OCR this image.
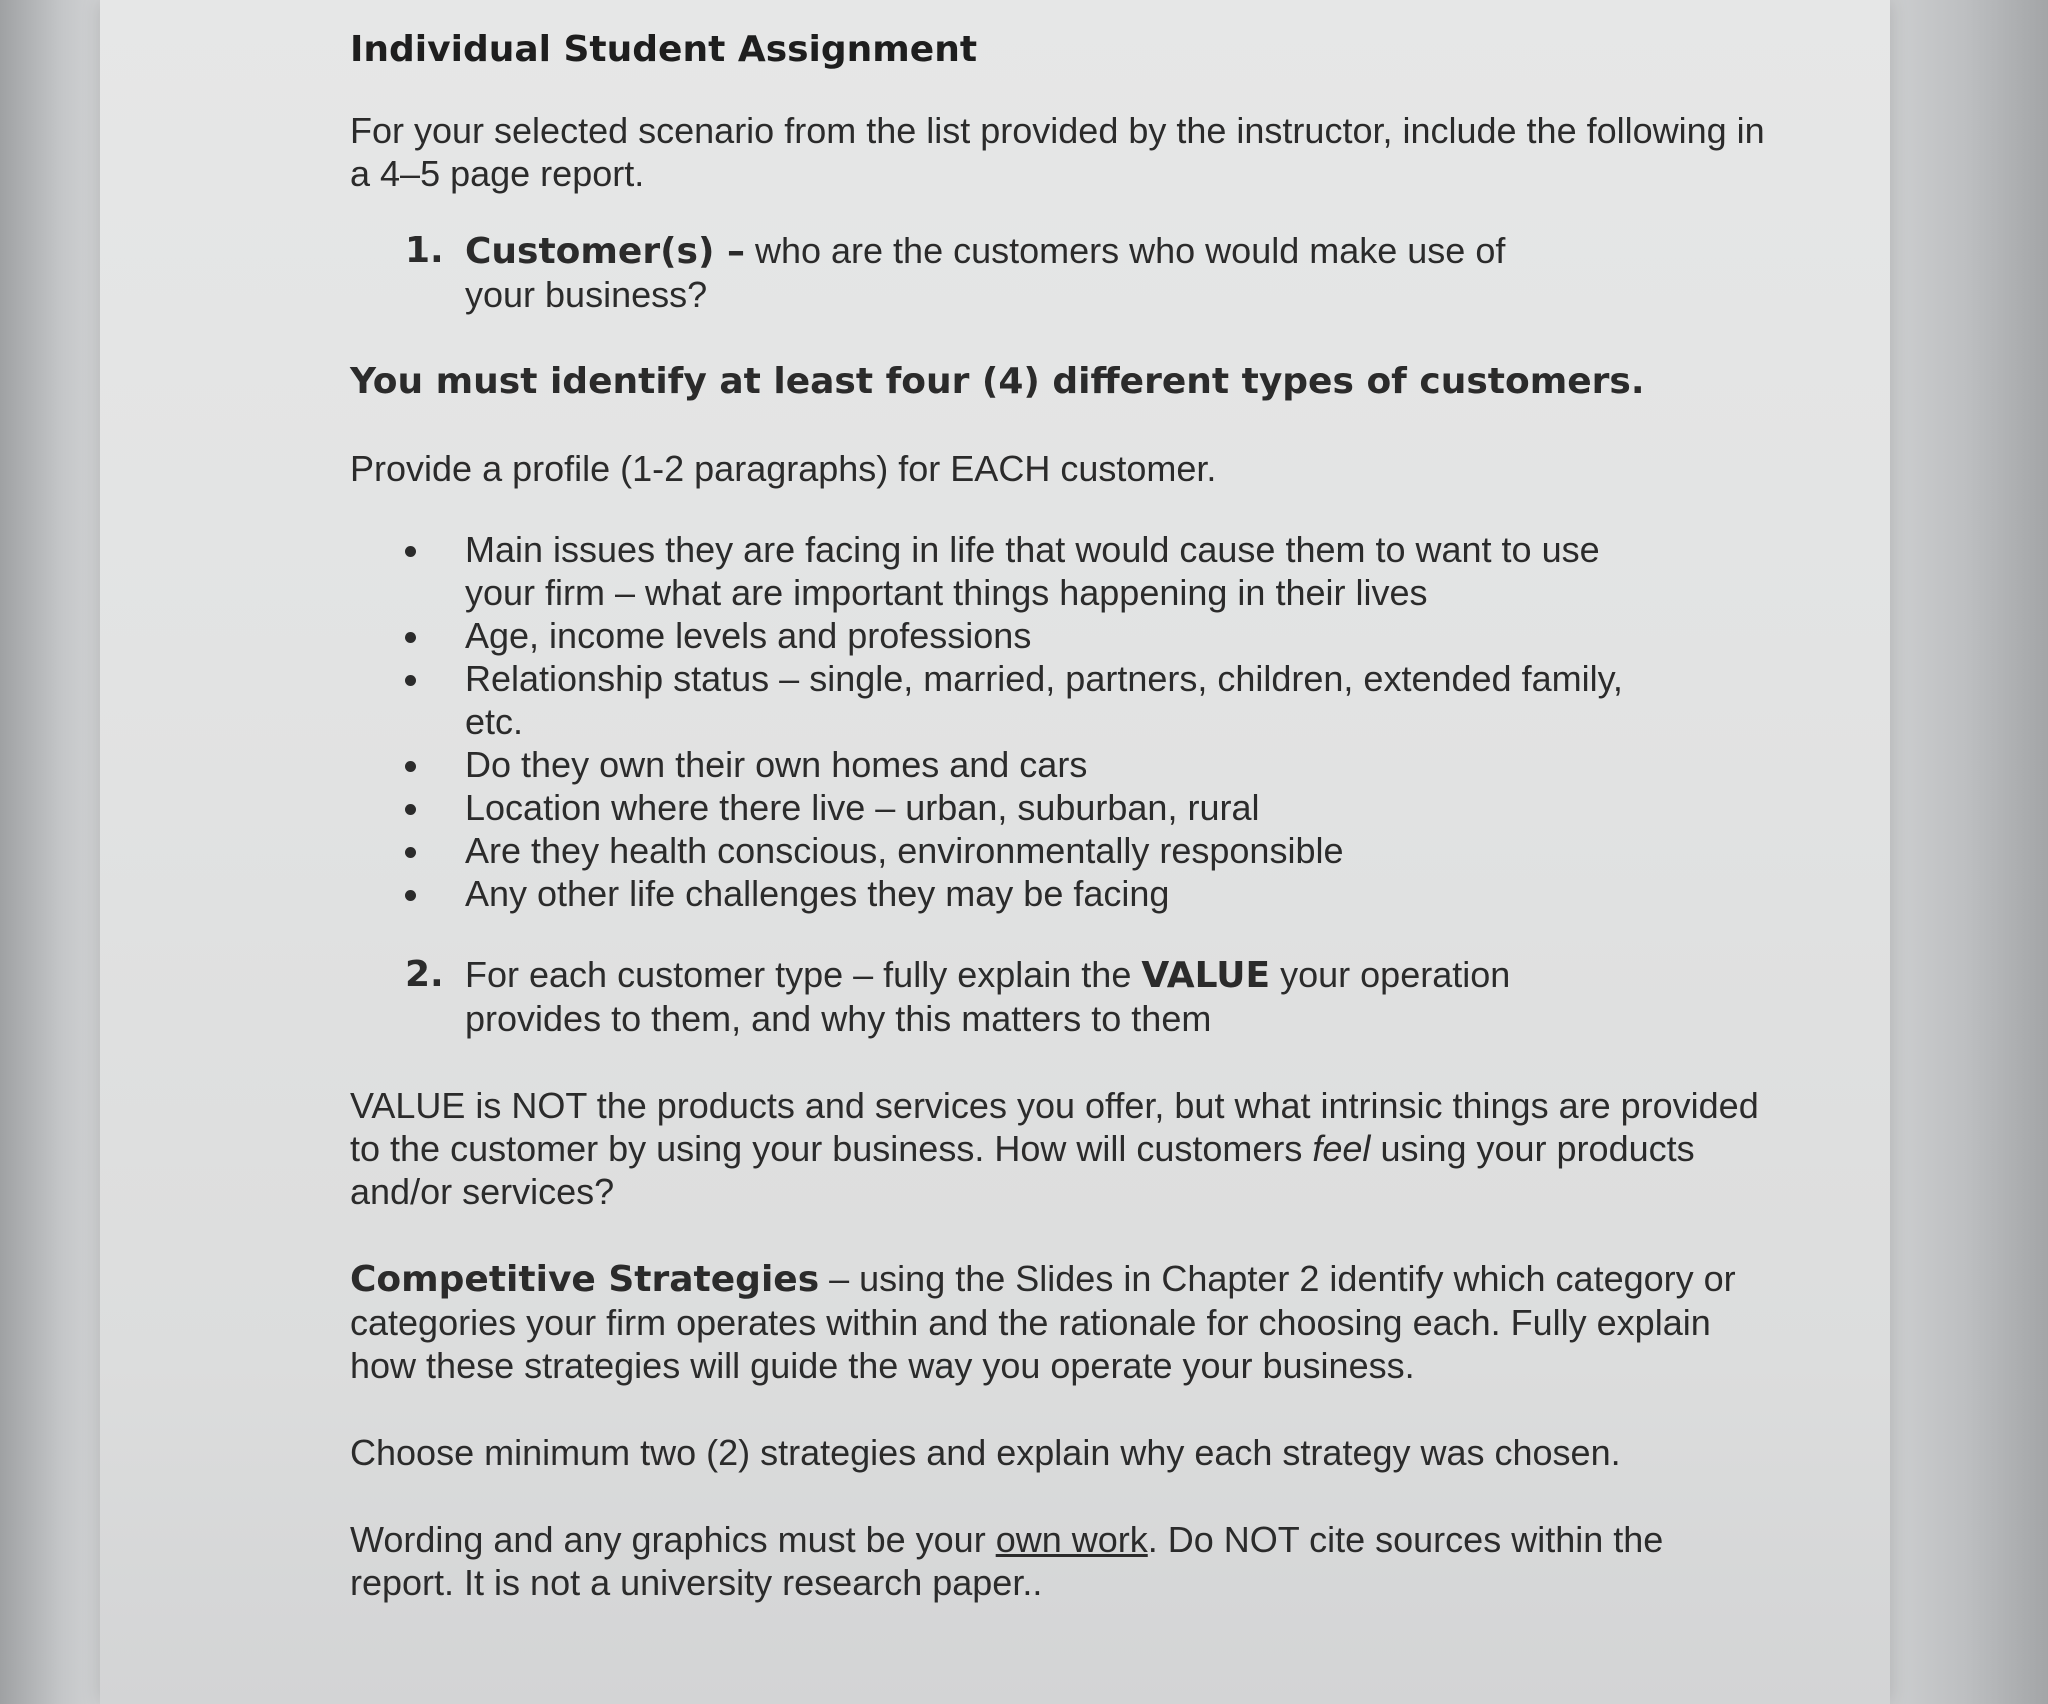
Individual Student Assignment

For your selected scenario from the list provided by the instructor, include the following in a 4–5 page report.

1. Customer(s) – who are the customers who would make use of your business?

You must identify at least four (4) different types of customers.

Provide a profile (1-2 paragraphs) for EACH customer.

Main issues they are facing in life that would cause them to want to use your firm – what are important things happening in their lives
Age, income levels and professions
Relationship status – single, married, partners, children, extended family, etc.
Do they own their own homes and cars
Location where there live – urban, suburban, rural
Are they health conscious, environmentally responsible
Any other life challenges they may be facing
2. For each customer type – fully explain the VALUE your operation provides to them, and why this matters to them

VALUE is NOT the products and services you offer, but what intrinsic things are provided to the customer by using your business. How will customers feel using your products and/or services?

Competitive Strategies – using the Slides in Chapter 2 identify which category or categories your firm operates within and the rationale for choosing each. Fully explain how these strategies will guide the way you operate your business.

Choose minimum two (2) strategies and explain why each strategy was chosen.

Wording and any graphics must be your own work. Do NOT cite sources within the report. It is not a university research paper..
